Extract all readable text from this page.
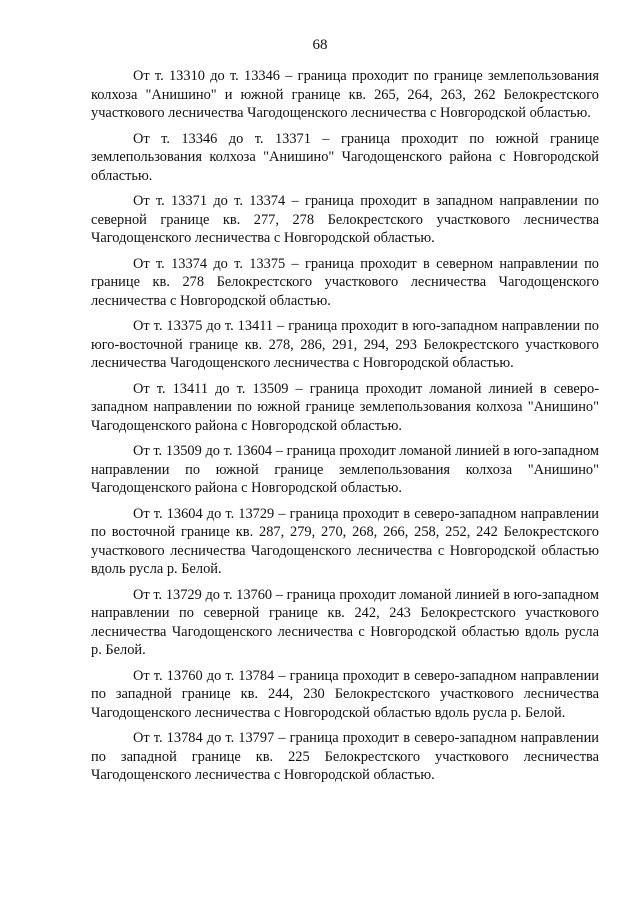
68

От т. 13310 до т. 13346 – граница проходит по границе землепользования колхоза "Анишино" и южной границе кв. 265, 264, 263, 262 Белокрестского участкового лесничества Чагодощенского лесничества с Новгородской областью.

От т. 13346 до т. 13371 – граница проходит по южной границе землепользования колхоза "Анишино" Чагодощенского района с Новгородской областью.

От т. 13371 до т. 13374 – граница проходит в западном направлении по северной границе кв. 277, 278 Белокрестского участкового лесничества Чагодощенского лесничества с Новгородской областью.

От т. 13374 до т. 13375 – граница проходит в северном направлении по границе кв. 278 Белокрестского участкового лесничества Чагодощенского лесничества с Новгородской областью.

От т. 13375 до т. 13411 – граница проходит в юго-западном направлении по юго-восточной границе кв. 278, 286, 291, 294, 293 Белокрестского участкового лесничества Чагодощенского лесничества с Новгородской областью.

От т. 13411 до т. 13509 – граница проходит ломаной линией в северо-западном направлении по южной границе землепользования колхоза "Анишино" Чагодощенского района с Новгородской областью.

От т. 13509 до т. 13604 – граница проходит ломаной линией в юго-западном направлении по южной границе землепользования колхоза "Анишино" Чагодощенского района с Новгородской областью.

От т. 13604 до т. 13729 – граница проходит в северо-западном направлении по восточной границе кв. 287, 279, 270, 268, 266, 258, 252, 242 Белокрестского участкового лесничества Чагодощенского лесничества с Новгородской областью вдоль русла р. Белой.

От т. 13729 до т. 13760 – граница проходит ломаной линией в юго-западном направлении по северной границе кв. 242, 243 Белокрестского участкового лесничества Чагодощенского лесничества с Новгородской областью вдоль русла р. Белой.

От т. 13760 до т. 13784 – граница проходит в северо-западном направлении по западной границе кв. 244, 230 Белокрестского участкового лесничества Чагодощенского лесничества с Новгородской областью вдоль русла р. Белой.

От т. 13784 до т. 13797 – граница проходит в северо-западном направлении по западной границе кв. 225 Белокрестского участкового лесничества Чагодощенского лесничества с Новгородской областью.
